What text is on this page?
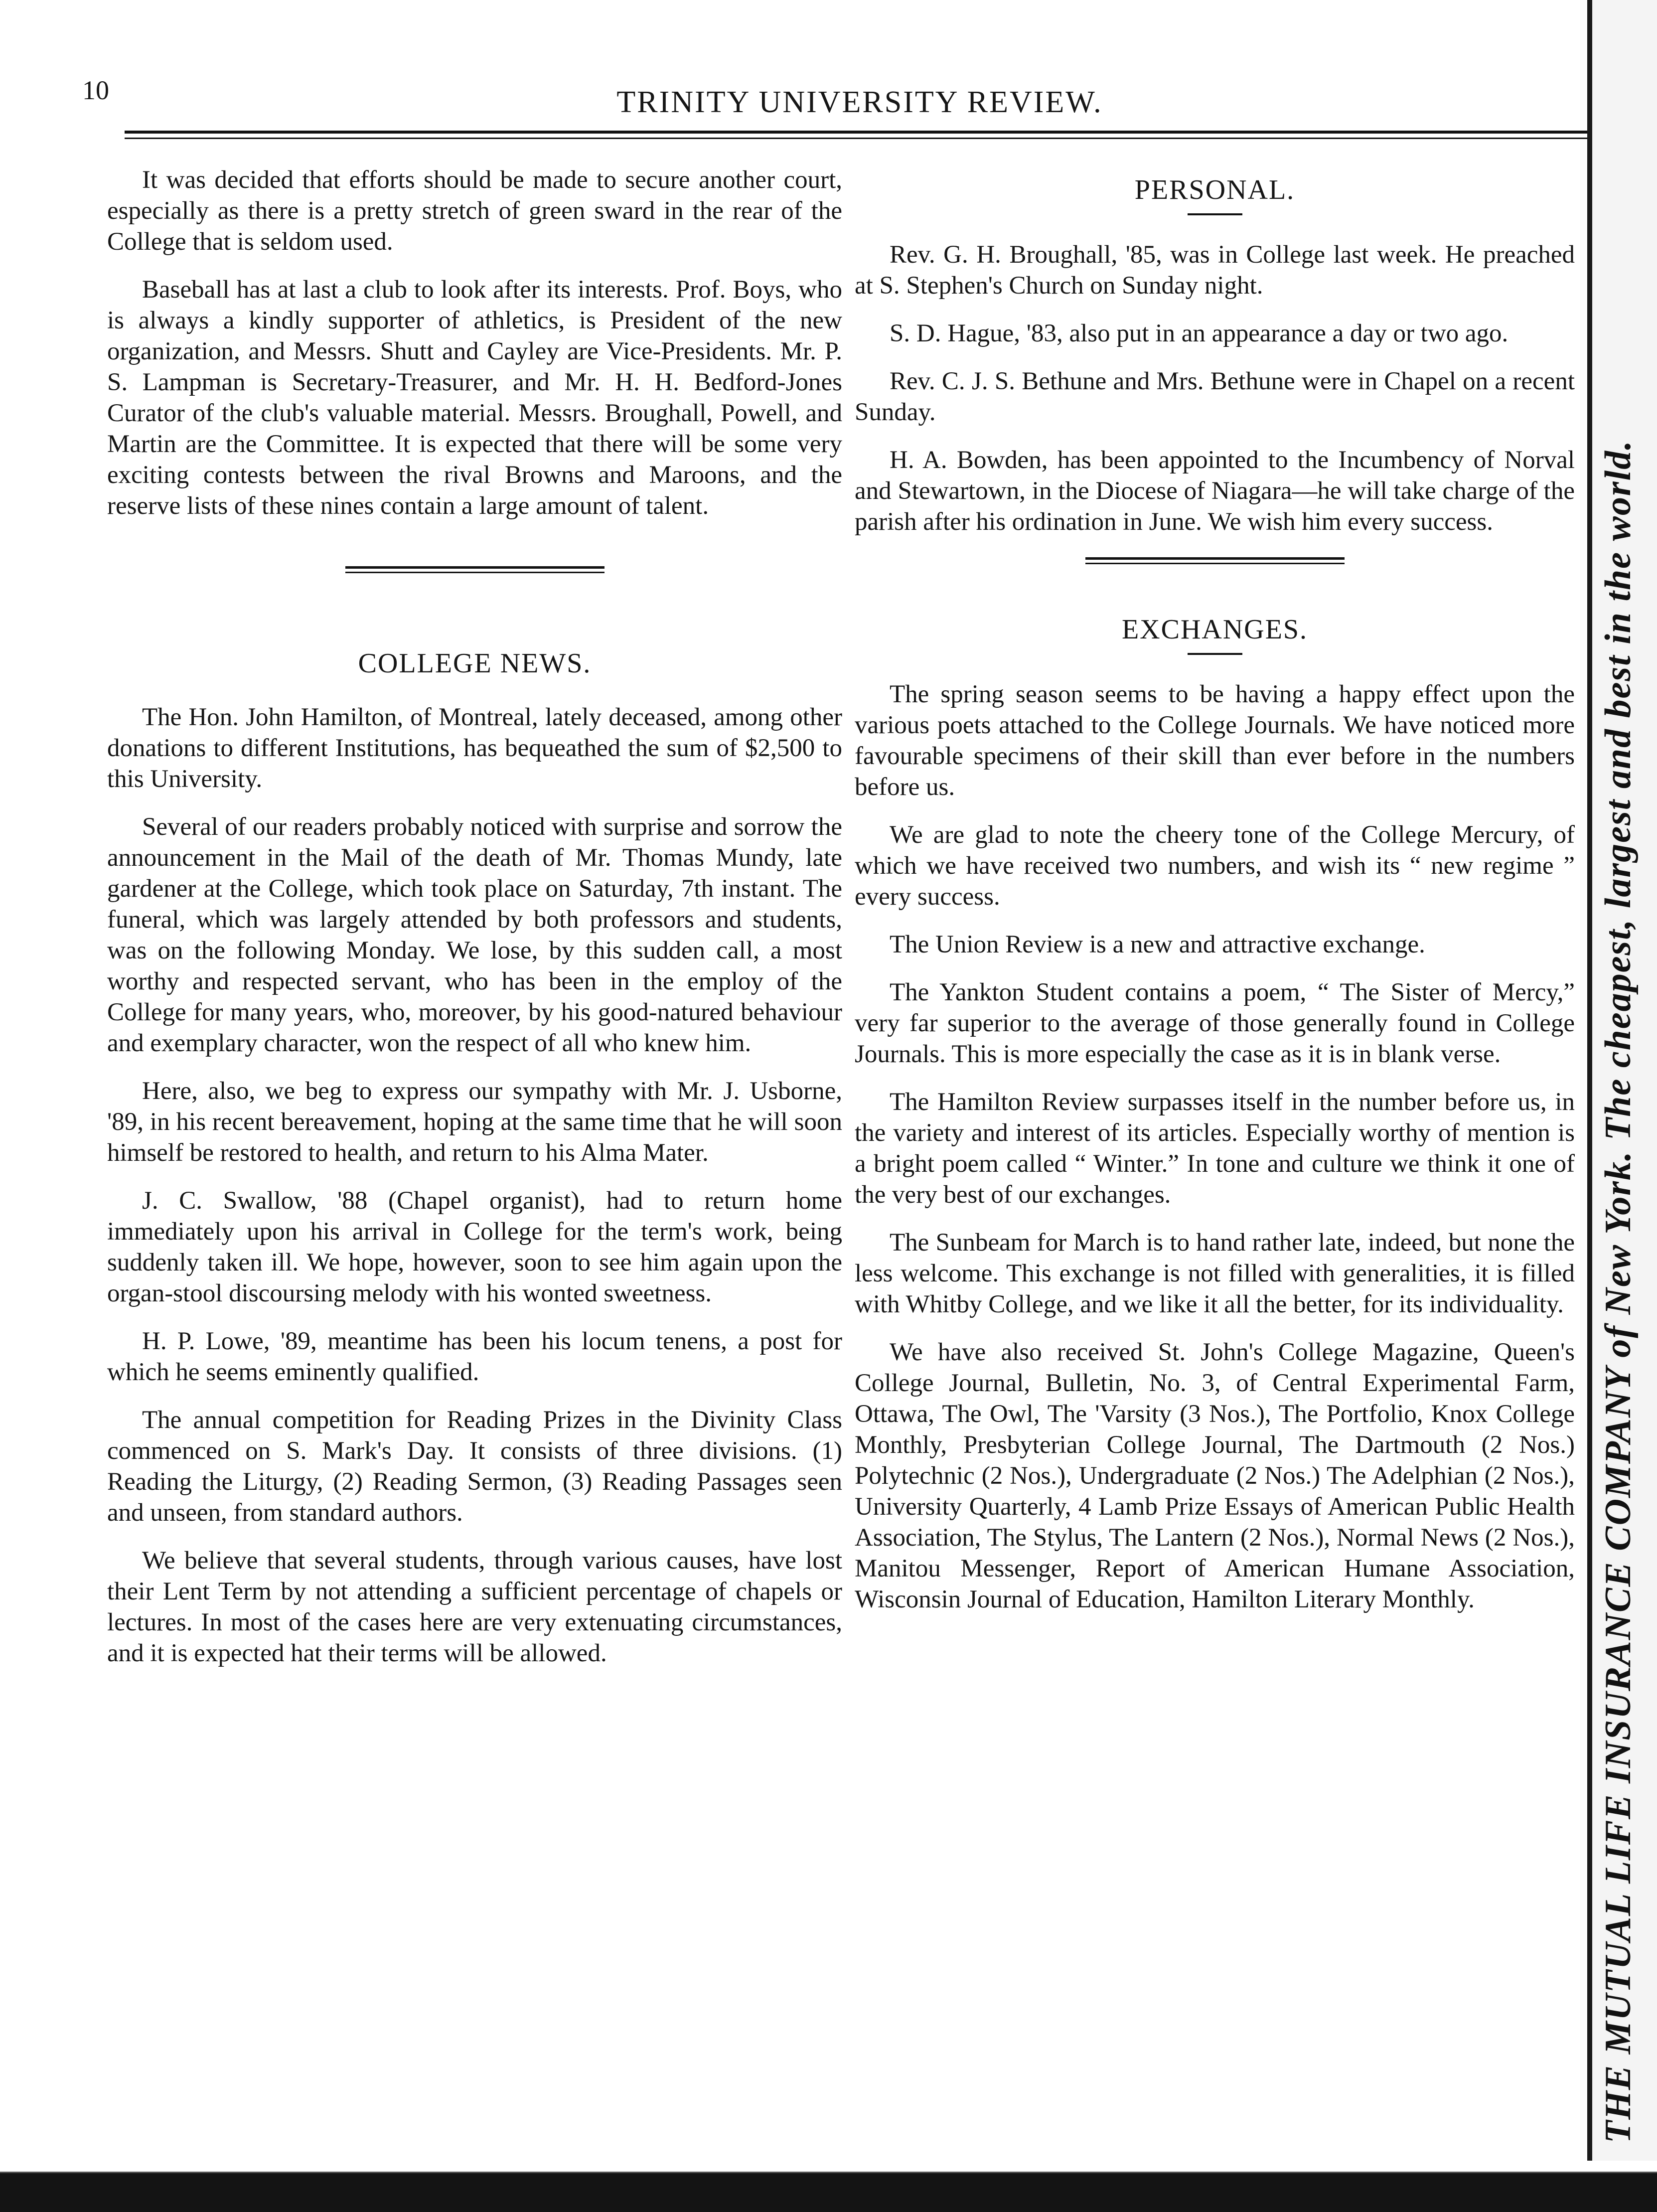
10	TRINITY UNIVERSITY REVIEW.

It was decided that efforts should be made to secure another court, especially as there is a pretty stretch of green sward in the rear of the College that is seldom used.

Baseball has at last a club to look after its interests. Prof. Boys, who is always a kindly supporter of athletics, is President of the new organization, and Messrs. Shutt and Cayley are Vice-Presidents. Mr. P. S. Lampman is Secretary-Treasurer, and Mr. H. H. Bedford-Jones Curator of the club's valuable material. Messrs. Broughall, Powell, and Martin are the Committee. It is expected that there will be some very exciting contests between the rival Browns and Maroons, and the reserve lists of these nines contain a large amount of talent.

COLLEGE NEWS.

The Hon. John Hamilton, of Montreal, lately deceased, among other donations to different Institutions, has bequeathed the sum of $2,500 to this University.

Several of our readers probably noticed with surprise and sorrow the announcement in the Mail of the death of Mr. Thomas Mundy, late gardener at the College, which took place on Saturday, 7th instant. The funeral, which was largely attended by both professors and students, was on the following Monday. We lose, by this sudden call, a most worthy and respected servant, who has been in the employ of the College for many years, who, moreover, by his good-natured behaviour and exemplary character, won the respect of all who knew him.

Here, also, we beg to express our sympathy with Mr. J. Usborne, '89, in his recent bereavement, hoping at the same time that he will soon himself be restored to health, and return to his Alma Mater.

J. C. Swallow, '88 (Chapel organist), had to return home immediately upon his arrival in College for the term's work, being suddenly taken ill. We hope, however, soon to see him again upon the organ-stool discoursing melody with his wonted sweetness.

H. P. Lowe, '89, meantime has been his locum tenens, a post for which he seems eminently qualified.

The annual competition for Reading Prizes in the Divinity Class commenced on S. Mark's Day. It consists of three divisions. (1) Reading the Liturgy, (2) Reading Sermon, (3) Reading Passages seen and unseen, from standard authors.

We believe that several students, through various causes, have lost their Lent Term by not attending a sufficient percentage of chapels or lectures. In most of the cases here are very extenuating circumstances, and it is expected hat their terms will be allowed.

PERSONAL.

Rev. G. H. Broughall, '85, was in College last week. He preached at S. Stephen's Church on Sunday night.

S. D. Hague, '83, also put in an appearance a day or two ago.

Rev. C. J. S. Bethune and Mrs. Bethune were in Chapel on a recent Sunday.

H. A. Bowden, has been appointed to the Incumbency of Norval and Stewartown, in the Diocese of Niagara—he will take charge of the parish after his ordination in June. We wish him every success.

EXCHANGES.

The spring season seems to be having a happy effect upon the various poets attached to the College Journals. We have noticed more favourable specimens of their skill than ever before in the numbers before us.

We are glad to note the cheery tone of the College Mercury, of which we have received two numbers, and wish its “ new regime ” every success.

The Union Review is a new and attractive exchange.

The Yankton Student contains a poem, “ The Sister of Mercy,” very far superior to the average of those generally found in College Journals. This is more especially the case as it is in blank verse.

The Hamilton Review surpasses itself in the number before us, in the variety and interest of its articles. Especially worthy of mention is a bright poem called “ Winter.” In tone and culture we think it one of the very best of our exchanges.

The Sunbeam for March is to hand rather late, indeed, but none the less welcome. This exchange is not filled with generalities, it is filled with Whitby College, and we like it all the better, for its individuality.

We have also received St. John's College Magazine, Queen's College Journal, Bulletin, No. 3, of Central Experimental Farm, Ottawa, The Owl, The 'Varsity (3 Nos.), The Portfolio, Knox College Monthly, Presbyterian College Journal, The Dartmouth (2 Nos.) Polytechnic (2 Nos.), Undergraduate (2 Nos.) The Adelphian (2 Nos.), University Quarterly, 4 Lamb Prize Essays of American Public Health Association, The Stylus, The Lantern (2 Nos.), Normal News (2 Nos.), Manitou Messenger, Report of American Humane Association, Wisconsin Journal of Education, Hamilton Literary Monthly.	THE MUTUAL LIFE INSURANCE COMPANY of New York. The cheapest, largest and best in the world.
